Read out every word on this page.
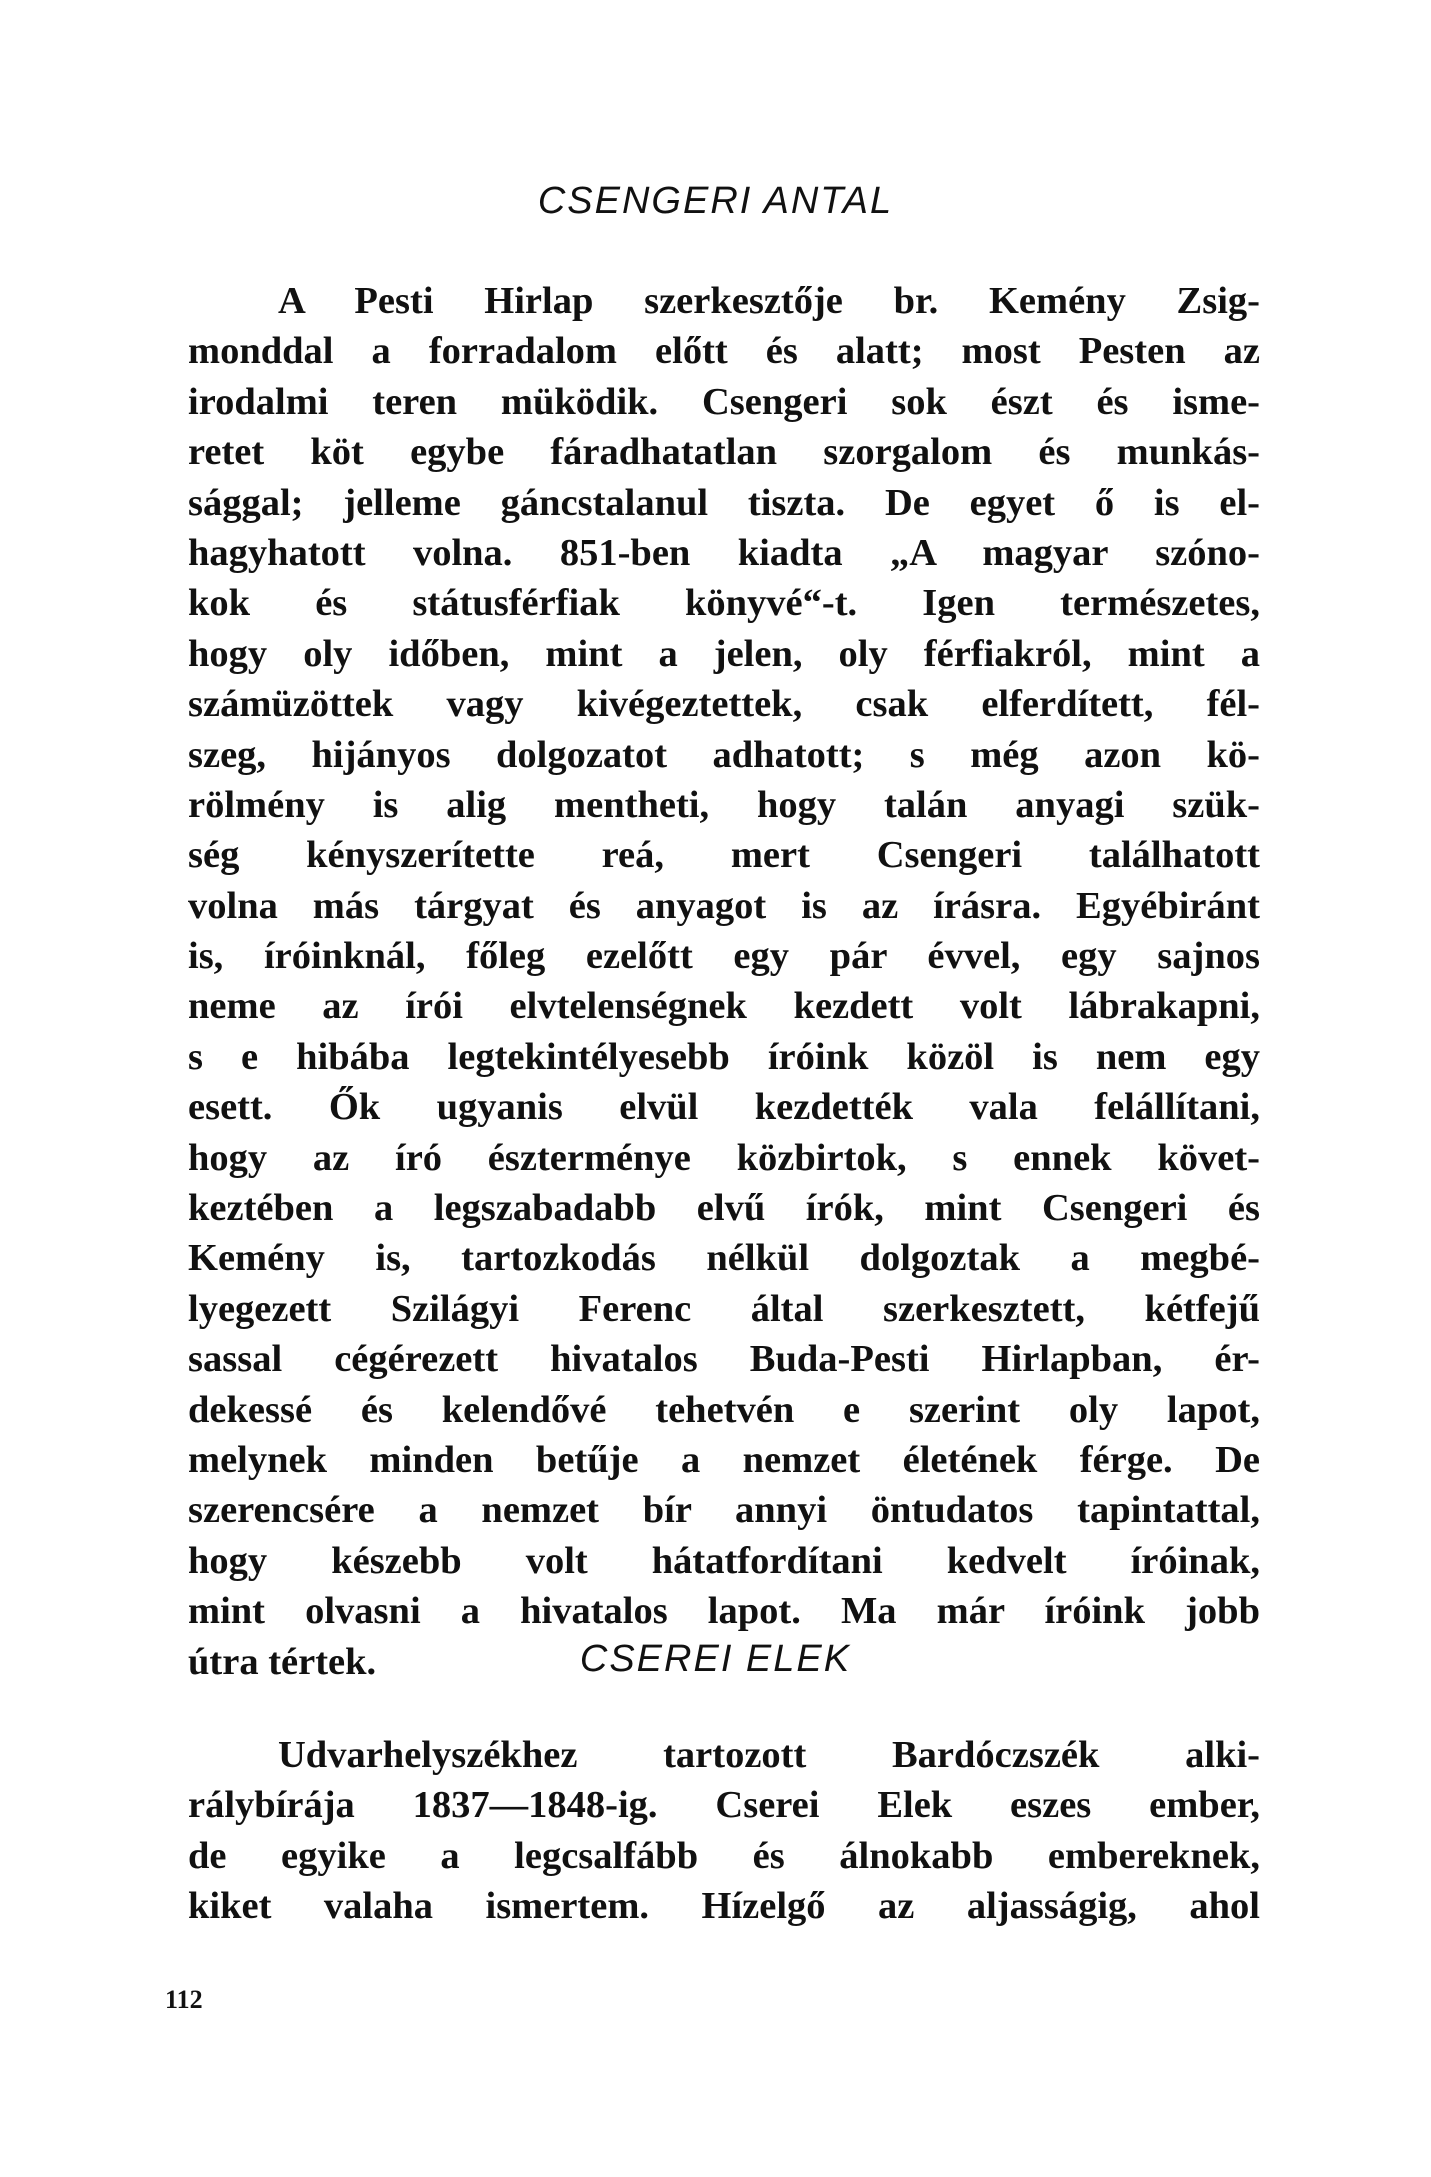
CSENGERI ANTAL
A Pesti Hirlap szerkesztője br. Kemény Zsig-
monddal a forradalom előtt és alatt; most Pesten az
irodalmi teren müködik. Csengeri sok észt és isme-
retet köt egybe fáradhatatlan szorgalom és munkás-
sággal; jelleme gáncstalanul tiszta. De egyet ő is el-
hagyhatott volna. 851-ben kiadta „A magyar szóno-
kok és státusférfiak könyvé“-t. Igen természetes,
hogy oly időben, mint a jelen, oly férfiakról, mint a
számüzöttek vagy kivégeztettek, csak elferdített, fél-
szeg, hijányos dolgozatot adhatott; s még azon kö-
rölmény is alig mentheti, hogy talán anyagi szük-
ség kényszerítette reá, mert Csengeri találhatott
volna más tárgyat és anyagot is az írásra. Egyébiránt
is, íróinknál, főleg ezelőtt egy pár évvel, egy sajnos
neme az írói elvtelenségnek kezdett volt lábrakapni,
s e hibába legtekintélyesebb íróink közöl is nem egy
esett. Ők ugyanis elvül kezdették vala felállítani,
hogy az író észterménye közbirtok, s ennek követ-
keztében a legszabadabb elvű írók, mint Csengeri és
Kemény is, tartozkodás nélkül dolgoztak a megbé-
lyegezett Szilágyi Ferenc által szerkesztett, kétfejű
sassal cégérezett hivatalos Buda-Pesti Hirlapban, ér-
dekessé és kelendővé tehetvén e szerint oly lapot,
melynek minden betűje a nemzet életének férge. De
szerencsére a nemzet bír annyi öntudatos tapintattal,
hogy készebb volt hátatfordítani kedvelt íróinak,
mint olvasni a hivatalos lapot. Ma már íróink jobb
útra tértek.	CSEREI ELEK
Udvarhelyszékhez tartozott Bardóczszék alki-
rálybírája 1837—1848-ig. Cserei Elek eszes ember,
de egyike a legcsalfább és álnokabb embereknek,
kiket valaha ismertem. Hízelgő az aljasságig, ahol
112
